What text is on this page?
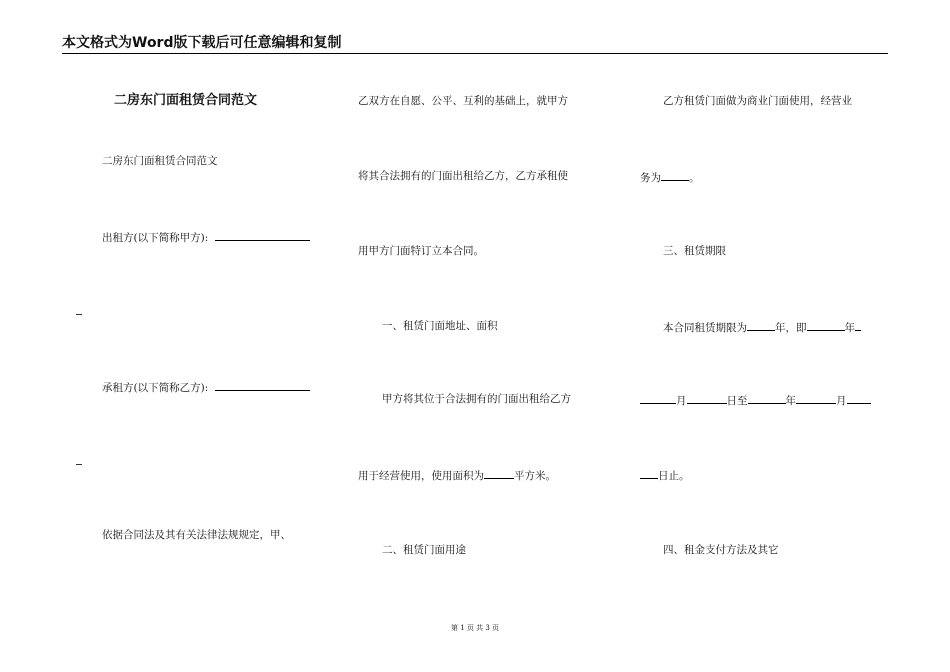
本文格式为Word版下载后可任意编辑和复制
二房东门面租赁合同范文
二房东门面租赁合同范文
出租方(以下简称甲方):
承租方(以下简称乙方):
依据合同法及其有关法律法规规定，甲、
乙双方在自愿、公平、互利的基础上，就甲方
将其合法拥有的门面出租给乙方，乙方承租使
用甲方门面特订立本合同。
一、租赁门面地址、面积
甲方将其位于合法拥有的门面出租给乙方
用于经营使用，使用面积为	平方米。
二、租赁门面用途
乙方租赁门面做为商业门面使用，经营业
务为	。
三、租赁期限
本合同租赁期限为	年，即	年
月	日至	年	月
日止。
四、租金支付方法及其它
第 1 页 共 3 页
